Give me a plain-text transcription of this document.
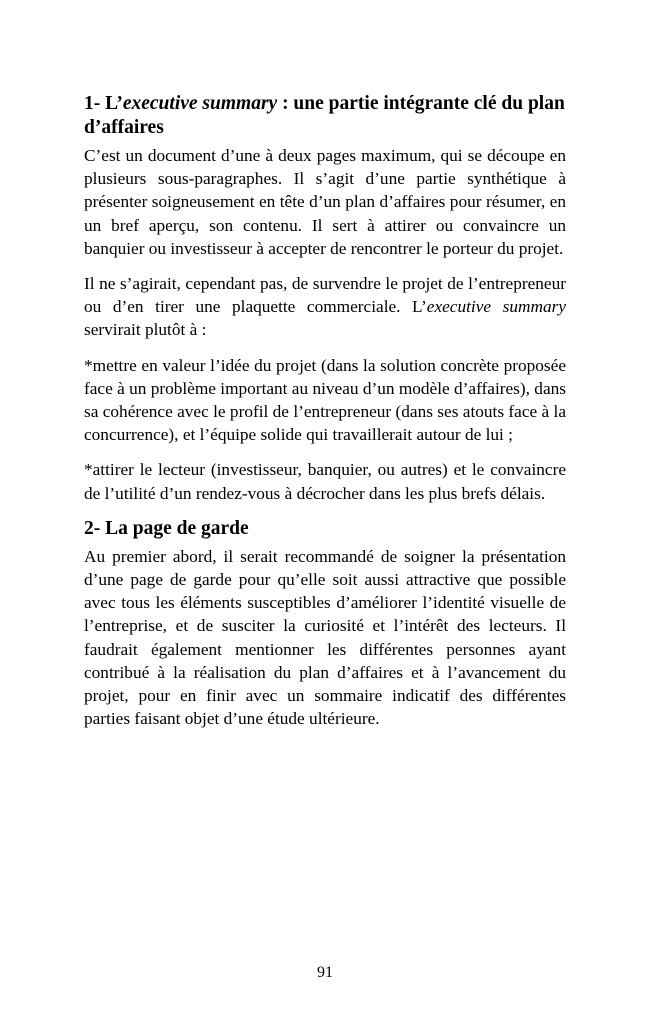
1- L’executive summary : une partie intégrante clé du plan d’affaires

C’est un document d’une à deux pages maximum, qui se découpe en plusieurs sous-paragraphes. Il s’agit d’une partie synthétique à présenter soigneusement en tête d’un plan d’affaires pour résumer, en un bref aperçu, son contenu. Il sert à attirer ou convaincre un banquier ou investisseur à accepter de rencontrer le porteur du projet.

Il ne s’agirait, cependant pas, de survendre le projet de l’entrepreneur ou d’en tirer une plaquette commerciale. L’executive summary servirait plutôt à :

*mettre en valeur l’idée du projet (dans la solution concrète proposée face à un problème important au niveau d’un modèle d’affaires), dans sa cohérence avec le profil de l’entrepreneur (dans ses atouts face à la concurrence), et l’équipe solide qui travaillerait autour de lui ;

*attirer le lecteur (investisseur, banquier, ou autres) et le convaincre de l’utilité d’un rendez-vous à décrocher dans les plus brefs délais.

2- La page de garde

Au premier abord, il serait recommandé de soigner la présentation d’une page de garde pour qu’elle soit aussi attractive que possible avec tous les éléments susceptibles d’améliorer l’identité visuelle de l’entreprise, et de susciter la curiosité et l’intérêt des lecteurs. Il faudrait également mentionner les différentes personnes ayant contribué à la réalisation du plan d’affaires et à l’avancement du projet, pour en finir avec un sommaire indicatif des différentes parties faisant objet d’une étude ultérieure.

91
